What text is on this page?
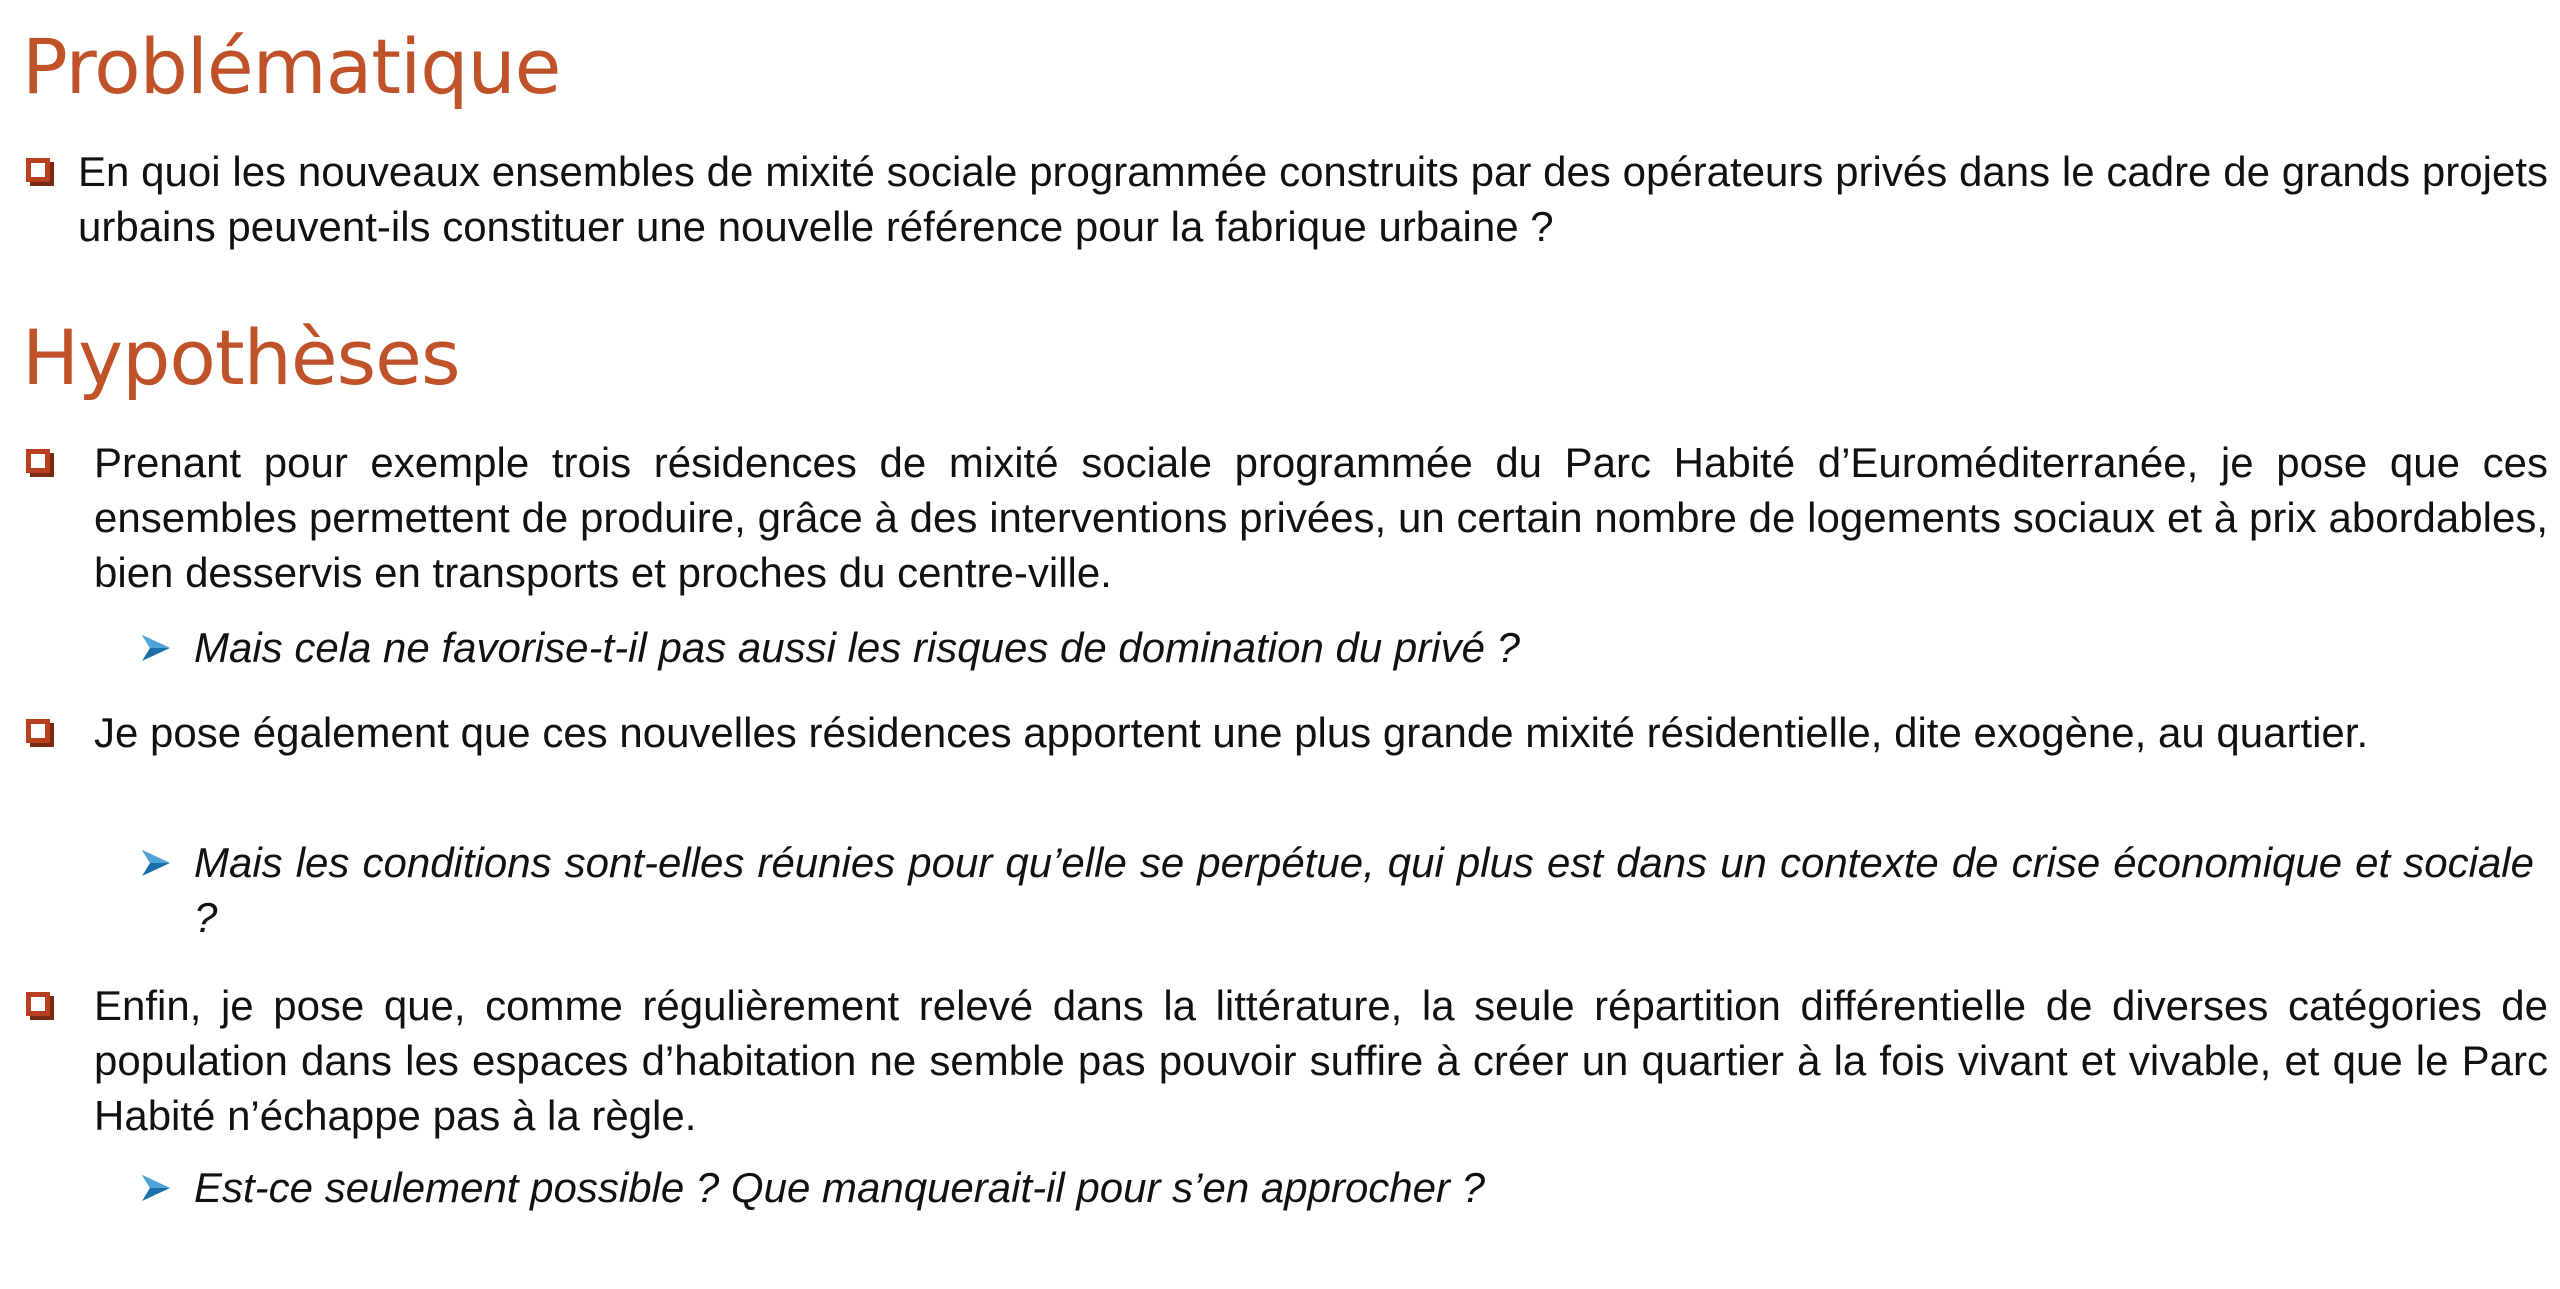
Problématique
En quoi les nouveaux ensembles de mixité sociale programmée construits par des opérateurs privés dans le cadre de grands projets urbains peuvent-ils constituer une nouvelle référence pour la fabrique urbaine ?
Hypothèses
Prenant pour exemple trois résidences de mixité sociale programmée du Parc Habité d’Euroméditerranée, je pose que ces ensembles permettent de produire, grâce à des interventions privées, un certain nombre de logements sociaux et à prix abordables, bien desservis en transports et proches du centre-ville.
Mais cela ne favorise-t-il pas aussi les risques de domination du privé ?
Je pose également que ces nouvelles résidences apportent une plus grande mixité résidentielle, dite exogène, au quartier.
Mais les conditions sont-elles réunies pour qu’elle se perpétue, qui plus est dans un contexte de crise économique et sociale ?
Enfin, je pose que, comme régulièrement relevé dans la littérature, la seule répartition différentielle de diverses catégories de population dans les espaces d’habitation ne semble pas pouvoir suffire à créer un quartier à la fois vivant et vivable, et que le Parc Habité n’échappe pas à la règle.
Est-ce seulement possible ? Que manquerait-il pour s’en approcher ?
